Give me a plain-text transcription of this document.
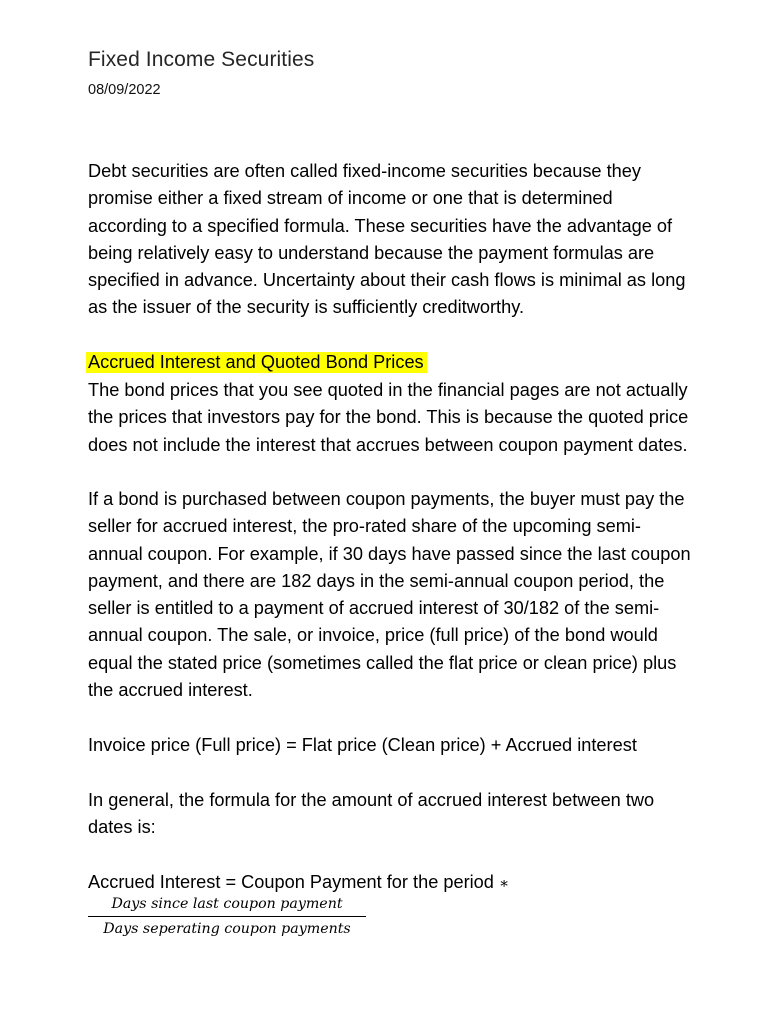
Fixed Income Securities
08/09/2022
Debt securities are often called fixed-income securities because they
promise either a fixed stream of income or one that is determined
according to a specified formula. These securities have the advantage of
being relatively easy to understand because the payment formulas are
specified in advance. Uncertainty about their cash flows is minimal as long
as the issuer of the security is sufficiently creditworthy.
Accrued Interest and Quoted Bond Prices
The bond prices that you see quoted in the financial pages are not actually
the prices that investors pay for the bond. This is because the quoted price
does not include the interest that accrues between coupon payment dates.
If a bond is purchased between coupon payments, the buyer must pay the
seller for accrued interest, the pro-rated share of the upcoming semi-
annual coupon. For example, if 30 days have passed since the last coupon
payment, and there are 182 days in the semi-annual coupon period, the
seller is entitled to a payment of accrued interest of 30/182 of the semi-
annual coupon. The sale, or invoice, price (full price) of the bond would
equal the stated price (sometimes called the flat price or clean price) plus
the accrued interest.
Invoice price (Full price) = Flat price (Clean price) + Accrued interest
In general, the formula for the amount of accrued interest between two
dates is:
Accrued Interest = Coupon Payment for the period ∗
Days since last coupon payment
Days seperating coupon payments
